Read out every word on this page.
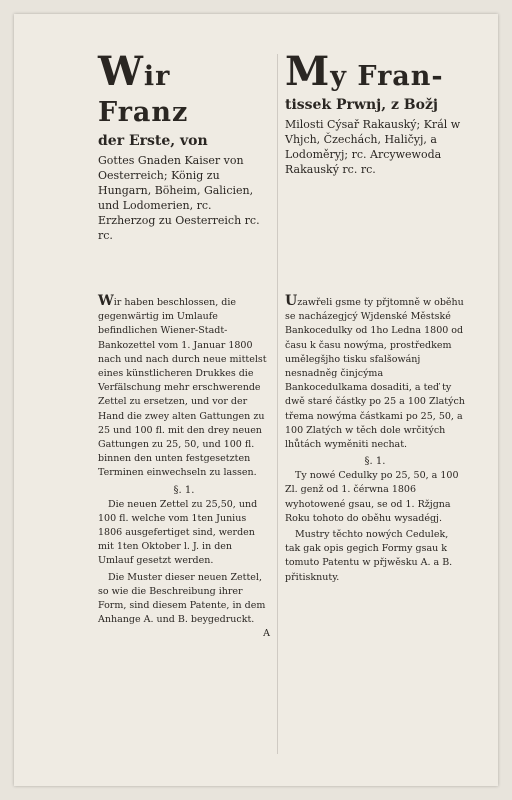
Wir Franz

der Erste, von

Gottes Gnaden Kaiser von Oesterreich; König zu Hungarn, Böheim, Galicien, und Lodomerien, rc. Erzherzog zu Oesterreich rc. rc.

Wir haben beschlossen, die gegenwärtig im Umlaufe befindlichen Wiener-Stadt-Bankozettel vom 1. Januar 1800 nach und nach durch neue mittelst eines künstlicheren Drukkes die Verfälschung mehr erschwerende Zettel zu ersetzen, und vor der Hand die zwey alten Gattungen zu 25 und 100 fl. mit den drey neuen Gattungen zu 25, 50, und 100 fl. binnen den unten festgesetzten Terminen einwechseln zu lassen.

§. 1.

Die neuen Zettel zu 25,50, und 100 fl. welche vom 1ten Junius 1806 ausgefertiget sind, werden mit 1ten Oktober l. J. in den Umlauf gesetzt werden.

Die Muster dieser neuen Zettel, so wie die Beschreibung ihrer Form, sind diesem Patente, in dem Anhange A. und B. beygedruckt.
A

My Fran-

tissek Prwnj, z Božj

Milosti Cýsař Rakauský; Král w Vhjch, Čzechách, Haličyj, a Lodoměryj; rc. Arcywewoda Rakauský rc. rc.

Uzawřeli gsme ty přjtomně w oběhu se nacházegjcý Wjdenské Městské Bankocedulky od 1ho Ledna 1800 od času k času nowýma, prostředkem umělegšjho tisku sfalšowánj nesnadněg činjcýma Bankocedulkama dosaditi, a teď ty dwě staré částky po 25 a 100 Zlatých třema nowýma částkami po 25, 50, a 100 Zlatých w těch dole wrčitých lhůtách wyměniti nechat.

§. 1.

Ty nowé Cedulky po 25, 50, a 100 Zl. genž od 1. čérwna 1806 wyhotowené gsau, se od 1. Ržjgna Roku tohoto do oběhu wysadégj.

Mustry těchto nowých Cedulek, tak gak opis gegich Formy gsau k tomuto Patentu w přjwěsku A. a B. přitisknuty.
